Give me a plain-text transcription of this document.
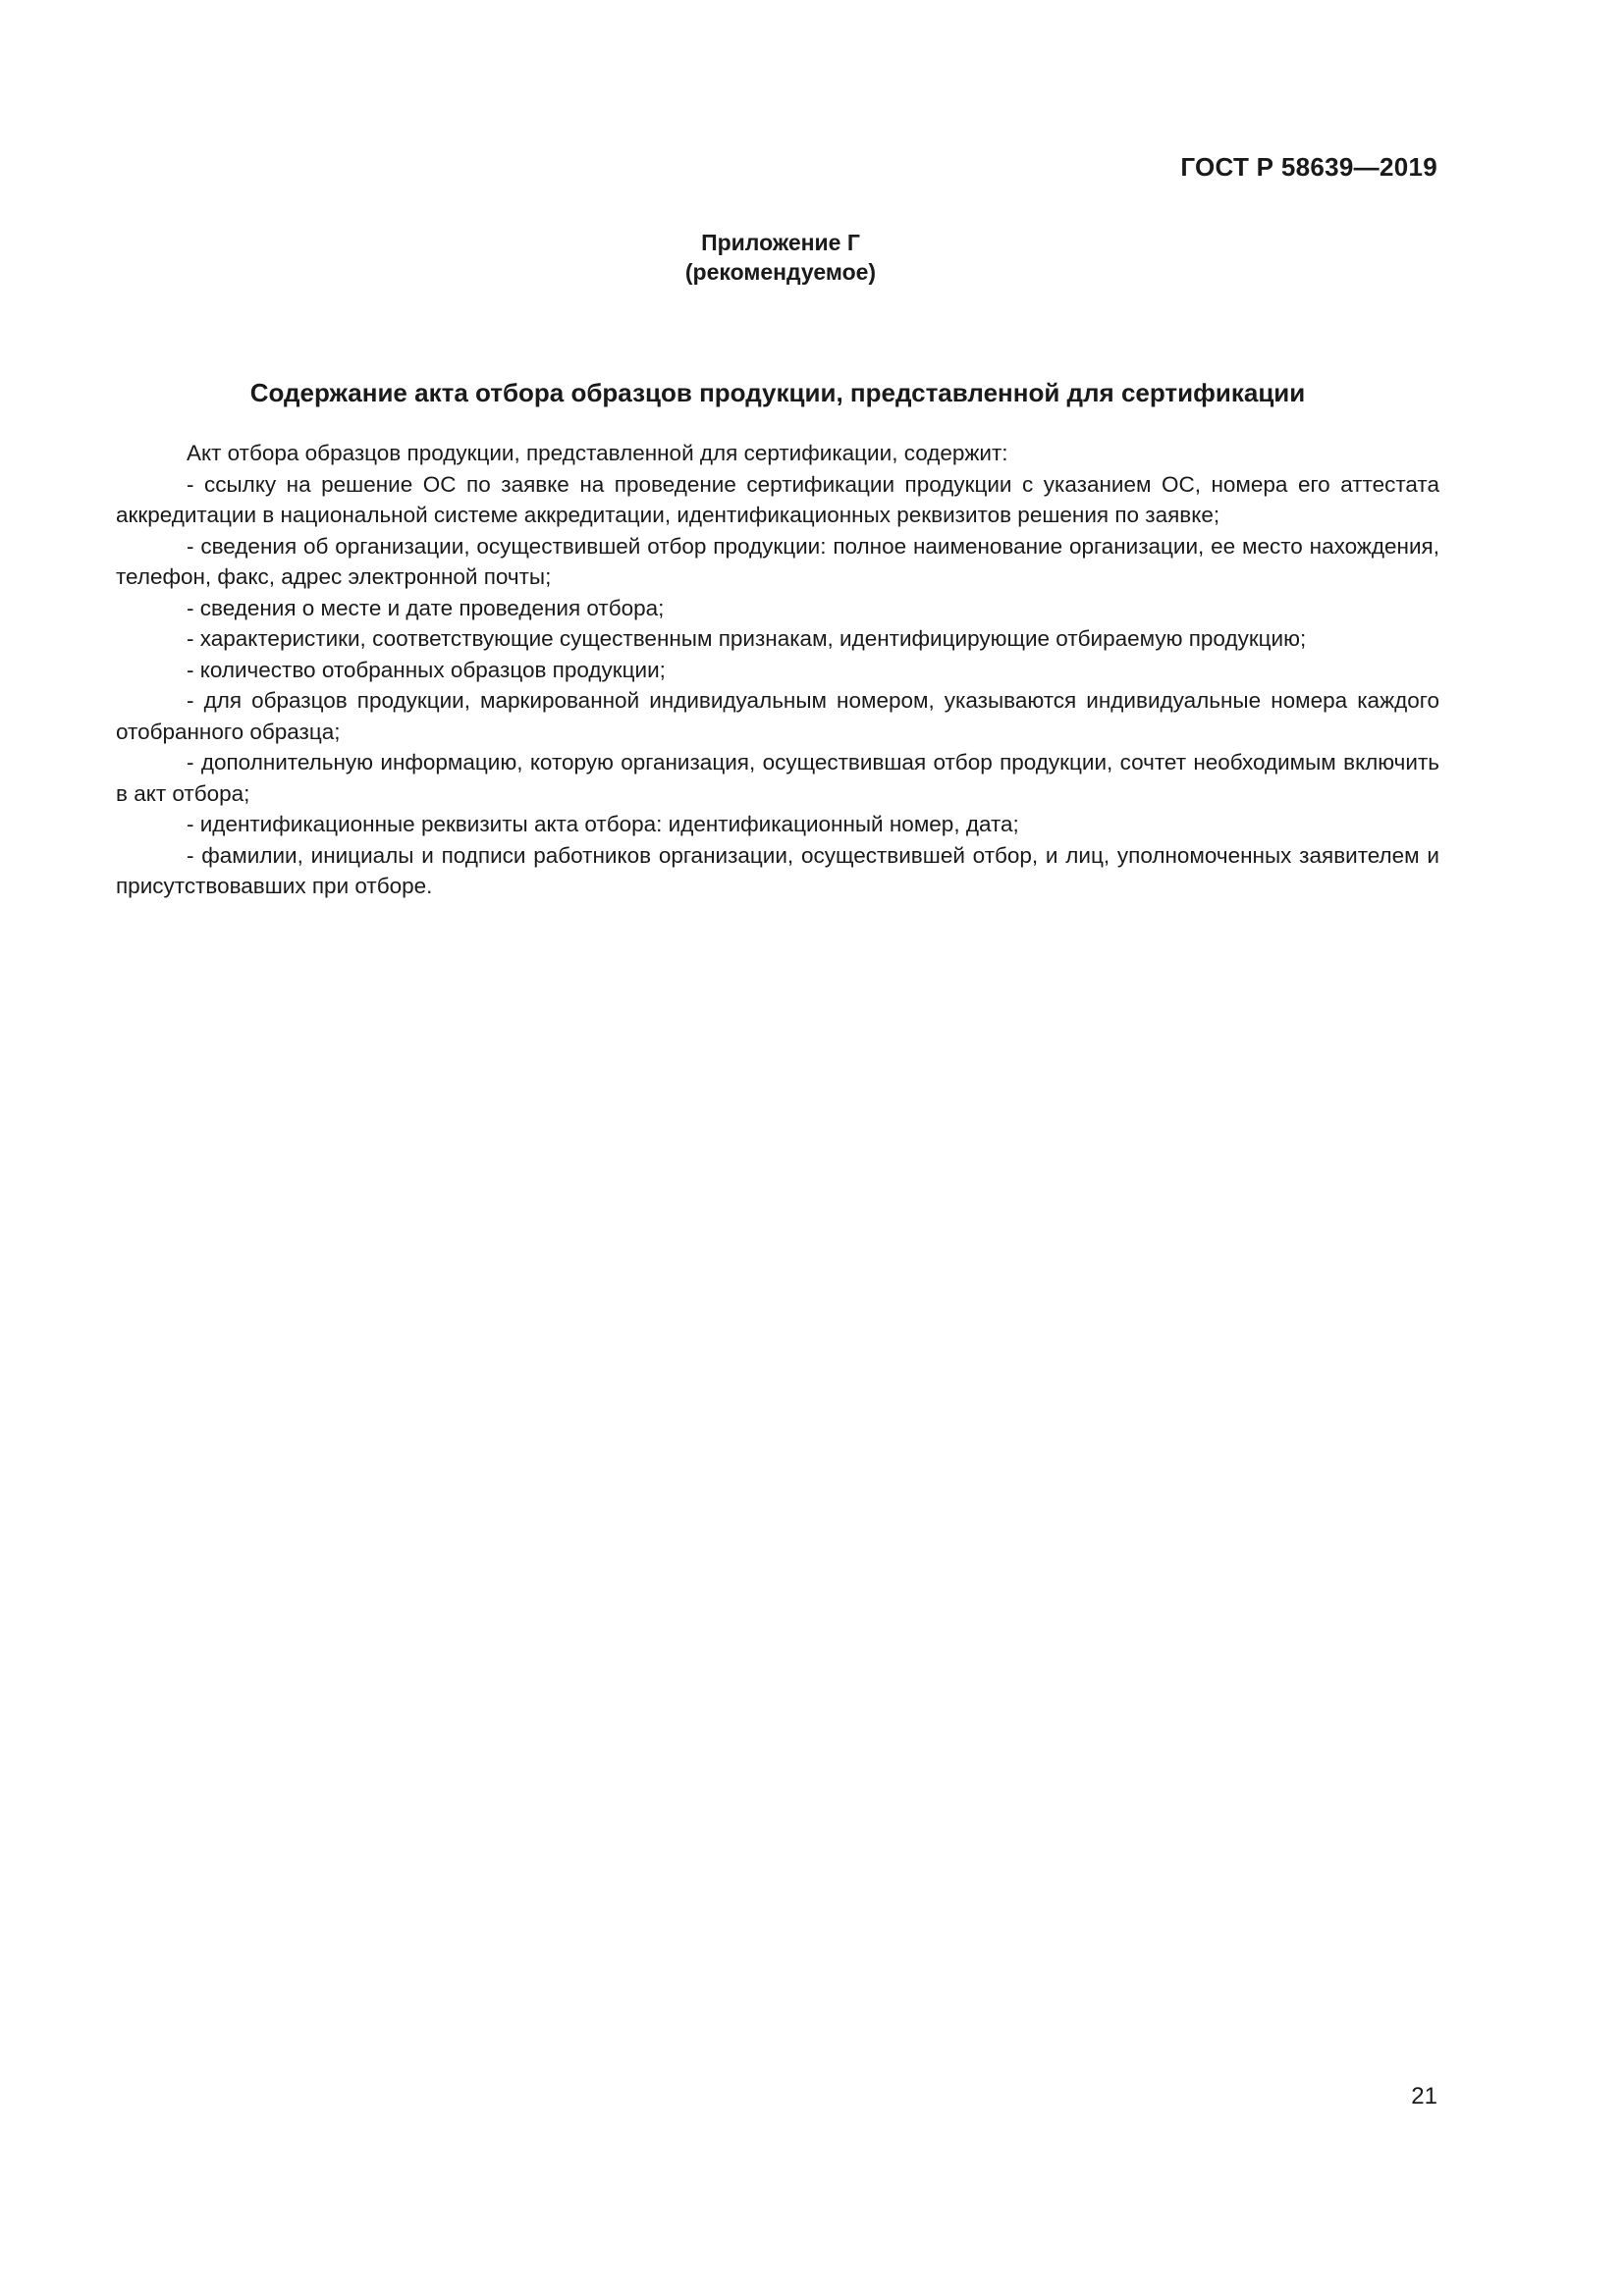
ГОСТ Р 58639—2019
Приложение Г
(рекомендуемое)
Содержание акта отбора образцов продукции, представленной для сертификации

Акт отбора образцов продукции, представленной для сертификации, содержит:

- ссылку на решение ОС по заявке на проведение сертификации продукции с указанием ОС, номера его аттестата аккредитации в национальной системе аккредитации, идентификационных реквизитов решения по заявке;

- сведения об организации, осуществившей отбор продукции: полное наименование организации, ее место нахождения, телефон, факс, адрес электронной почты;

- сведения о месте и дате проведения отбора;

- характеристики, соответствующие существенным признакам, идентифицирующие отбираемую продукцию;

- количество отобранных образцов продукции;

- для образцов продукции, маркированной индивидуальным номером, указываются индивидуальные номера каждого отобранного образца;

- дополнительную информацию, которую организация, осуществившая отбор продукции, сочтет необходимым включить в акт отбора;

- идентификационные реквизиты акта отбора: идентификационный номер, дата;

- фамилии, инициалы и подписи работников организации, осуществившей отбор, и лиц, уполномоченных заявителем и присутствовавших при отборе.

21
